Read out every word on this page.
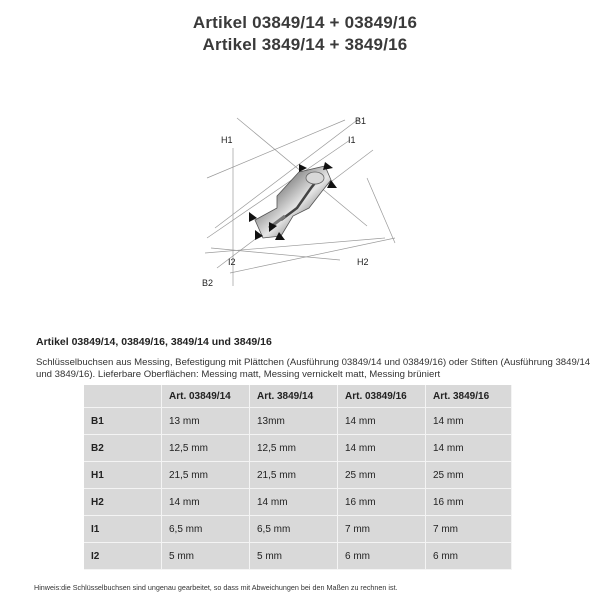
Artikel 03849/14 + 03849/16
Artikel 3849/14 + 3849/16
B1
H1	I1
I2	H2
B2
Artikel 03849/14, 03849/16, 3849/14 und 3849/16
Schlüsselbuchsen aus Messing, Befestigung mit Plättchen (Ausführung 03849/14 und 03849/16) oder Stiften (Ausführung 3849/14 und 3849/16). Lieferbare Oberflächen: Messing matt, Messing vernickelt matt, Messing brüniert
	Art. 03849/14	Art. 3849/14	Art. 03849/16	Art. 3849/16
B1	13 mm	13mm	14 mm	14 mm
B2	12,5 mm	12,5 mm	14 mm	14 mm
H1	21,5 mm	21,5 mm	25 mm	25 mm
H2	14 mm	14 mm	16 mm	16 mm
I1	6,5 mm	6,5 mm	7 mm	7 mm
I2	5 mm	5 mm	6 mm	6 mm
Hinweis:die Schlüsselbuchsen sind ungenau gearbeitet, so dass mit Abweichungen bei den Maßen zu rechnen ist.
